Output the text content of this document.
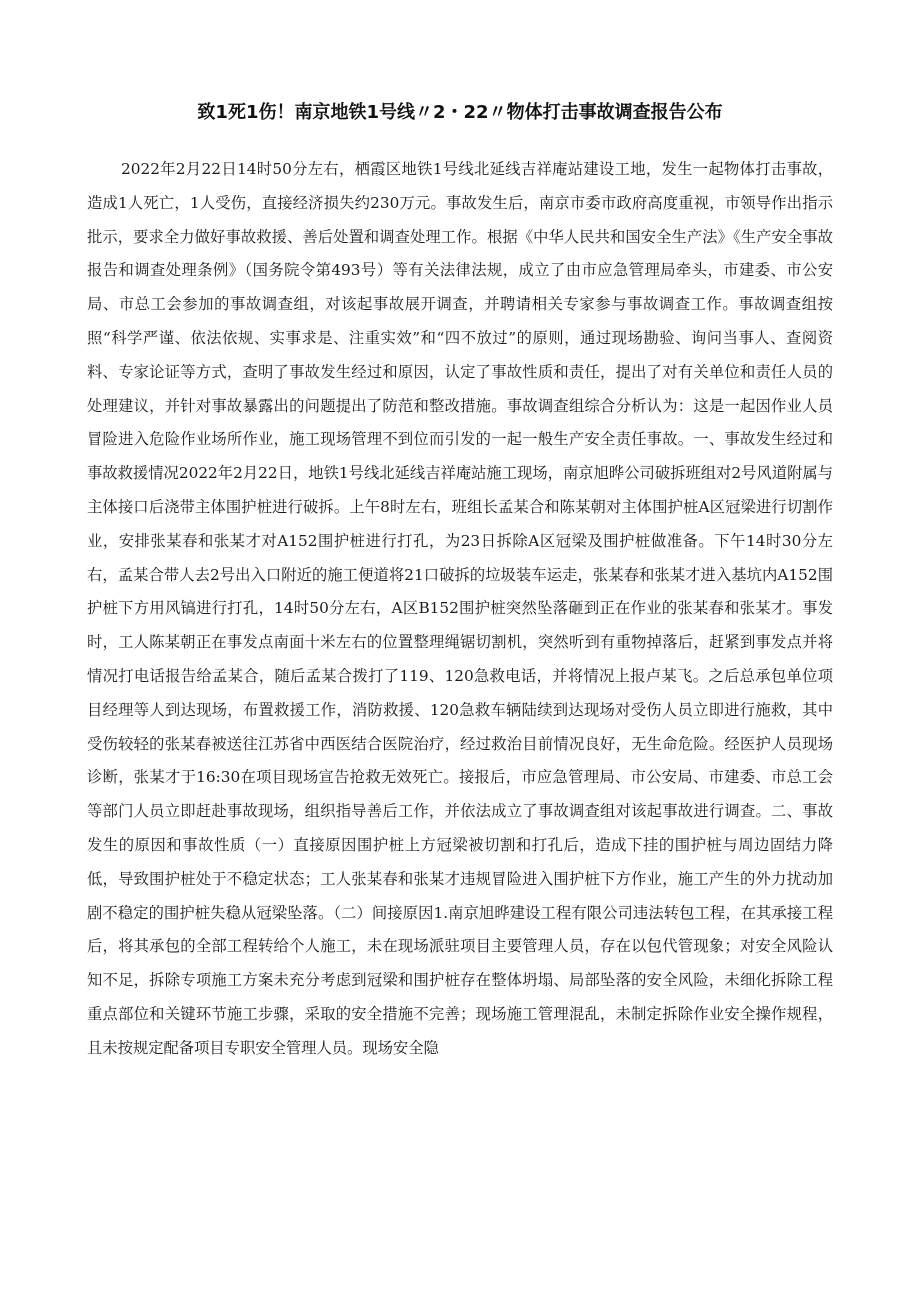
致1死1伤！南京地铁1号线〃2・22〃物体打击事故调查报告公布

2022年2月22日14时50分左右，栖霞区地铁1号线北延线吉祥庵站建设工地，发生一起物体打击事故，造成1人死亡，1人受伤，直接经济损失约230万元。事故发生后，南京市委市政府高度重视，市领导作出指示批示，要求全力做好事故救援、善后处置和调查处理工作。根据《中华人民共和国安全生产法》《生产安全事故报告和调查处理条例》（国务院令第493号）等有关法律法规，成立了由市应急管理局牵头，市建委、市公安局、市总工会参加的事故调查组，对该起事故展开调查，并聘请相关专家参与事故调查工作。事故调查组按照“科学严谨、依法依规、实事求是、注重实效”和“四不放过”的原则，通过现场勘验、询问当事人、查阅资料、专家论证等方式，查明了事故发生经过和原因，认定了事故性质和责任，提出了对有关单位和责任人员的处理建议，并针对事故暴露出的问题提出了防范和整改措施。事故调查组综合分析认为：这是一起因作业人员冒险进入危险作业场所作业，施工现场管理不到位而引发的一起一般生产安全责任事故。一、事故发生经过和事故救援情况2022年2月22日，地铁1号线北延线吉祥庵站施工现场，南京旭晔公司破拆班组对2号风道附属与主体接口后浇带主体围护桩进行破拆。上午8时左右，班组长孟某合和陈某朝对主体围护桩A区冠梁进行切割作业，安排张某春和张某才对A152围护桩进行打孔，为23日拆除A区冠梁及围护桩做准备。下午14时30分左右，孟某合带人去2号出入口附近的施工便道将21口破拆的垃圾装车运走，张某春和张某才进入基坑内A152围护桩下方用风镐进行打孔，14时50分左右，A区B152围护桩突然坠落砸到正在作业的张某春和张某才。事发时，工人陈某朝正在事发点南面十米左右的位置整理绳锯切割机，突然听到有重物掉落后，赶紧到事发点并将情况打电话报告给孟某合，随后孟某合拨打了119、120急救电话，并将情况上报卢某飞。之后总承包单位项目经理等人到达现场，布置救援工作，消防救援、120急救车辆陆续到达现场对受伤人员立即进行施救，其中受伤较轻的张某春被送往江苏省中西医结合医院治疗，经过救治目前情况良好，无生命危险。经医护人员现场诊断，张某才于16:30在项目现场宣告抢救无效死亡。接报后，市应急管理局、市公安局、市建委、市总工会等部门人员立即赶赴事故现场，组织指导善后工作，并依法成立了事故调查组对该起事故进行调查。二、事故发生的原因和事故性质（一）直接原因围护桩上方冠梁被切割和打孔后，造成下挂的围护桩与周边固结力降低，导致围护桩处于不稳定状态；工人张某春和张某才违规冒险进入围护桩下方作业，施工产生的外力扰动加剧不稳定的围护桩失稳从冠梁坠落。（二）间接原因1.南京旭晔建设工程有限公司违法转包工程，在其承接工程后，将其承包的全部工程转给个人施工，未在现场派驻项目主要管理人员，存在以包代管现象；对安全风险认知不足，拆除专项施工方案未充分考虑到冠梁和围护桩存在整体坍塌、局部坠落的安全风险，未细化拆除工程重点部位和关键环节施工步骤，采取的安全措施不完善；现场施工管理混乱，未制定拆除作业安全操作规程，且未按规定配备项目专职安全管理人员。现场安全隐
